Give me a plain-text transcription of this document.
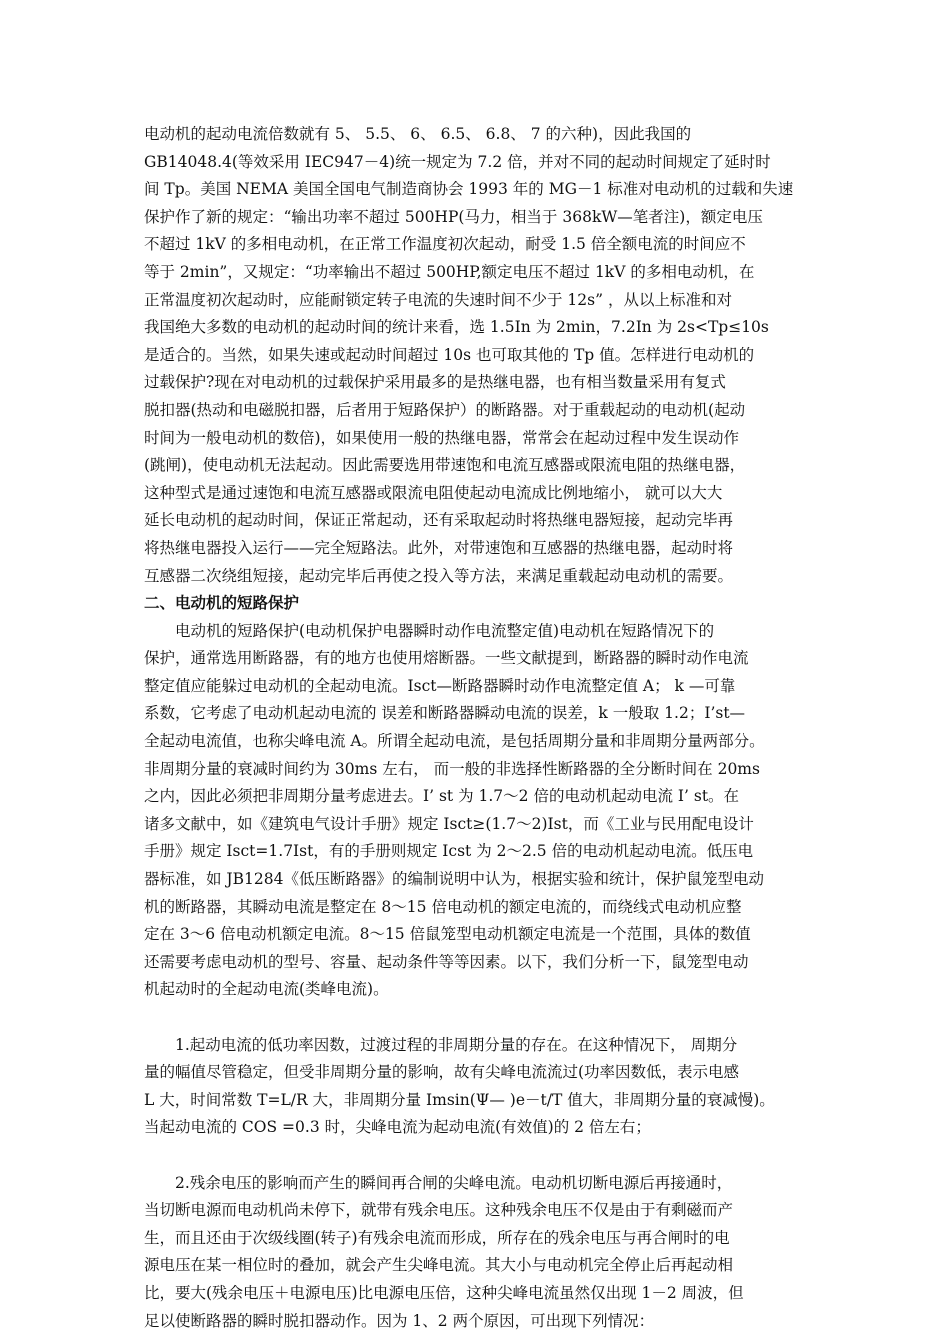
电动机的起动电流倍数就有 5、 5.5、 6、 6.5、 6.8、 7 的六种)，因此我国的
GB14048.4(等效采用 IEC947－4)统一规定为 7.2 倍，并对不同的起动时间规定了延时时
间 Tp。美国 NEMA 美国全国电气制造商协会 1993 年的 MG－1 标准对电动机的过载和失速
保护作了新的规定：“输出功率不超过 500HP(马力，相当于 368kW—笔者注)，额定电压
不超过 1kV 的多相电动机，在正常工作温度初次起动，耐受 1.5 倍全额电流的时间应不
等于 2min”，又规定：“功率输出不超过 500HP,额定电压不超过 1kV 的多相电动机，在
正常温度初次起动时，应能耐锁定转子电流的失速时间不少于 12s” ，从以上标准和对
我国绝大多数的电动机的起动时间的统计来看，选 1.5In 为 2min，7.2In 为 2s<Tp≤10s
是适合的。当然，如果失速或起动时间超过 10s 也可取其他的 Tp 值。怎样进行电动机的
过载保护?现在对电动机的过载保护采用最多的是热继电器，也有相当数量采用有复式
脱扣器(热动和电磁脱扣器，后者用于短路保护）的断路器。对于重载起动的电动机(起动
时间为一般电动机的数倍)，如果使用一般的热继电器，常常会在起动过程中发生误动作
(跳闸)，使电动机无法起动。因此需要选用带速饱和电流互感器或限流电阻的热继电器，
这种型式是通过速饱和电流互感器或限流电阻使起动电流成比例地缩小， 就可以大大
延长电动机的起动时间，保证正常起动，还有采取起动时将热继电器短接，起动完毕再
将热继电器投入运行——完全短路法。此外，对带速饱和互感器的热继电器，起动时将
互感器二次绕组短接，起动完毕后再使之投入等方法，来满足重载起动电动机的需要。
二、电动机的短路保护
电动机的短路保护(电动机保护电器瞬时动作电流整定值)电动机在短路情况下的
保护，通常选用断路器，有的地方也使用熔断器。一些文献提到，断路器的瞬时动作电流
整定值应能躲过电动机的全起动电流。Isct—断路器瞬时动作电流整定值 A； k —可靠
系数，它考虑了电动机起动电流的 误差和断路器瞬动电流的误差，k 一般取 1.2；I’st—
全起动电流值，也称尖峰电流 A。所谓全起动电流，是包括周期分量和非周期分量两部分。
非周期分量的衰减时间约为 30ms 左右， 而一般的非选择性断路器的全分断时间在 20ms
之内，因此必须把非周期分量考虑进去。I’ st 为 1.7～2 倍的电动机起动电流 I’ st。在
诸多文献中，如《建筑电气设计手册》规定 Isct≥(1.7～2)Ist，而《工业与民用配电设计
手册》规定 Isct=1.7Ist，有的手册则规定 Icst 为 2～2.5 倍的电动机起动电流。低压电
器标准，如 JB1284《低压断路器》的编制说明中认为，根据实验和统计，保护鼠笼型电动
机的断路器，其瞬动电流是整定在 8～15 倍电动机的额定电流的，而绕线式电动机应整
定在 3～6 倍电动机额定电流。8～15 倍鼠笼型电动机额定电流是一个范围，具体的数值
还需要考虑电动机的型号、容量、起动条件等等因素。以下，我们分析一下，鼠笼型电动
机起动时的全起动电流(类峰电流)。
1.起动电流的低功率因数，过渡过程的非周期分量的存在。在这种情况下， 周期分
量的幅值尽管稳定，但受非周期分量的影响，故有尖峰电流流过(功率因数低，表示电感
L 大，时间常数 T=L/R 大，非周期分量 Imsin(Ψ— )e－t/T 值大，非周期分量的衰减慢)。
当起动电流的 COS =0.3 时，尖峰电流为起动电流(有效值)的 2 倍左右；
2.残余电压的影响而产生的瞬间再合闸的尖峰电流。电动机切断电源后再接通时，
当切断电源而电动机尚未停下，就带有残余电压。这种残余电压不仅是由于有剩磁而产
生，而且还由于次级线圈(转子)有残余电流而形成，所存在的残余电压与再合闸时的电
源电压在某一相位时的叠加，就会产生尖峰电流。其大小与电动机完全停止后再起动相
比，要大(残余电压＋电源电压)比电源电压倍，这种尖峰电流虽然仅出现 1－2 周波，但
足以使断路器的瞬时脱扣器动作。因为 1、2 两个原因，可出现下列情况：
